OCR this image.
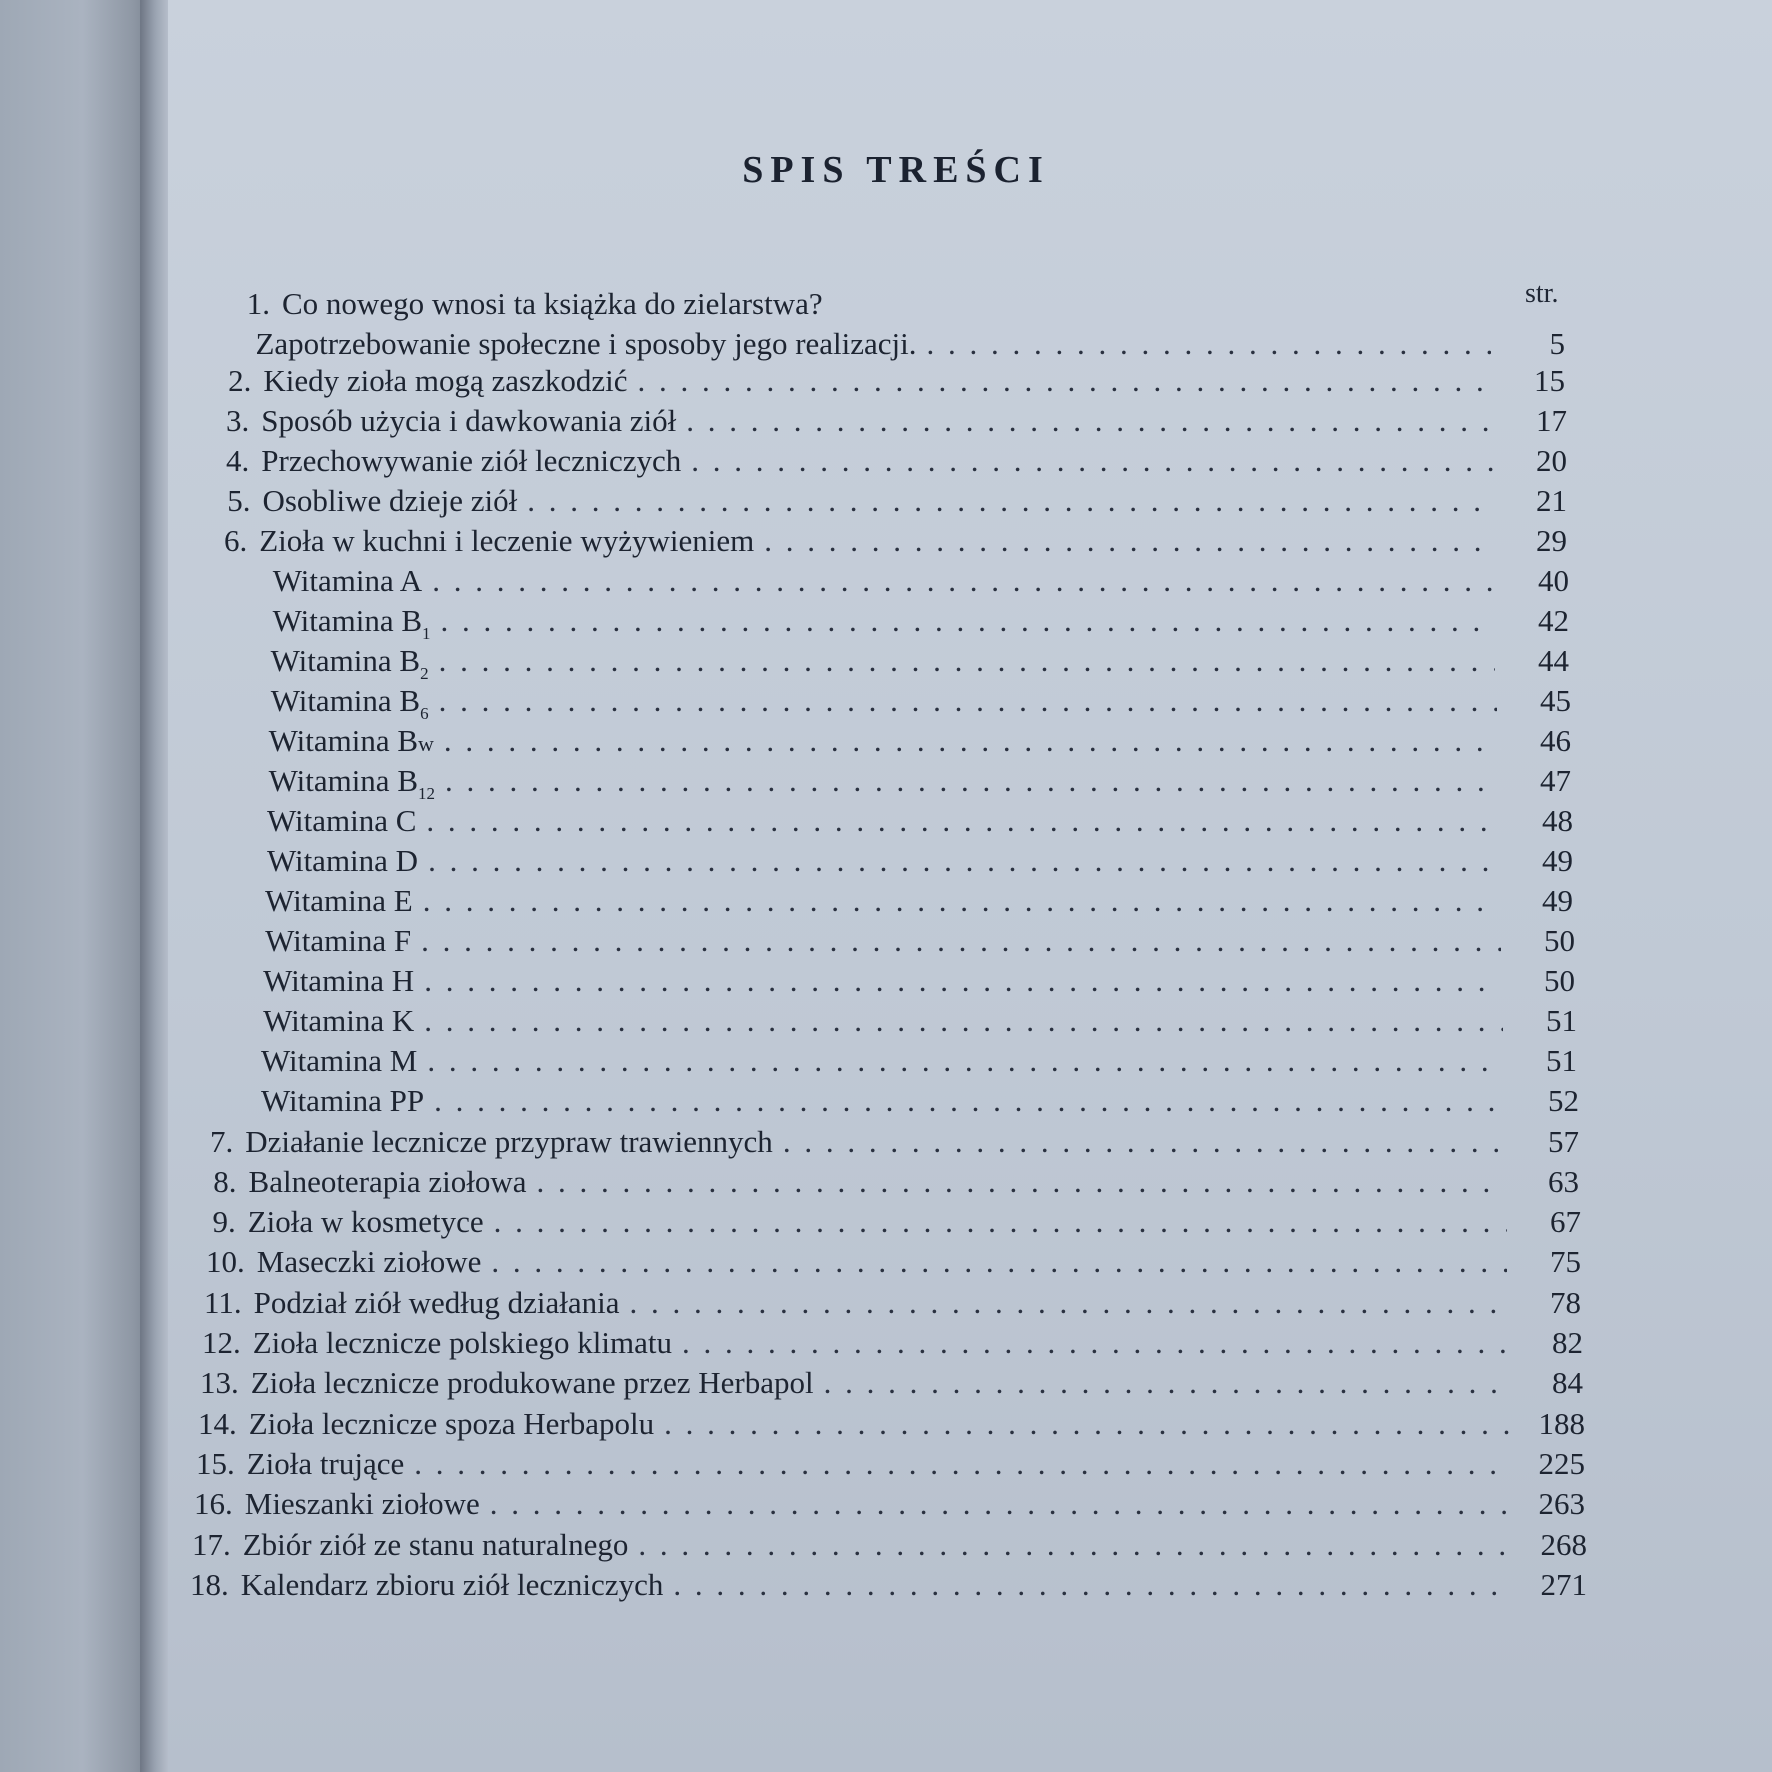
SPIS TREŚCI
str.
1. Co nowego wnosi ta książka do zielarstwa?
Zapotrzebowanie społeczne i sposoby jego realizacji. . . .	5
2. Kiedy zioła mogą zaszkodzić . . .	15
3. Sposób użycia i dawkowania ziół . . .	17
4. Przechowywanie ziół leczniczych . . .	20
5. Osobliwe dzieje ziół . . .	21
6. Zioła w kuchni i leczenie wyżywieniem . . .	29
Witamina A . . .	40
Witamina $B_1$ . . .	42
Witamina $B_2$ . . .	44
Witamina $B_6$ . . .	45
Witamina Bw . . .	46
Witamina $B_{12}$ . . .	47
Witamina C . . .	48
Witamina D . . .	49
Witamina E . . .	49
Witamina F . . .	50
Witamina H . . .	50
Witamina K . . .	51
Witamina M . . .	51
Witamina PP . . .	52
7. Działanie lecznicze przypraw trawiennych . . .	57
8. Balneoterapia ziołowa . . .	63
9. Zioła w kosmetyce . . .	67
10. Maseczki ziołowe . . .	75
11. Podział ziół według działania . . .	78
12. Zioła lecznicze polskiego klimatu . . .	82
13. Zioła lecznicze produkowane przez Herbapol . . .	84
14. Zioła lecznicze spoza Herbapolu . . .	188
15. Zioła trujące . . .	225
16. Mieszanki ziołowe . . .	263
17. Zbiór ziół ze stanu naturalnego . . .	268
18. Kalendarz zbioru ziół leczniczych . . .	271
